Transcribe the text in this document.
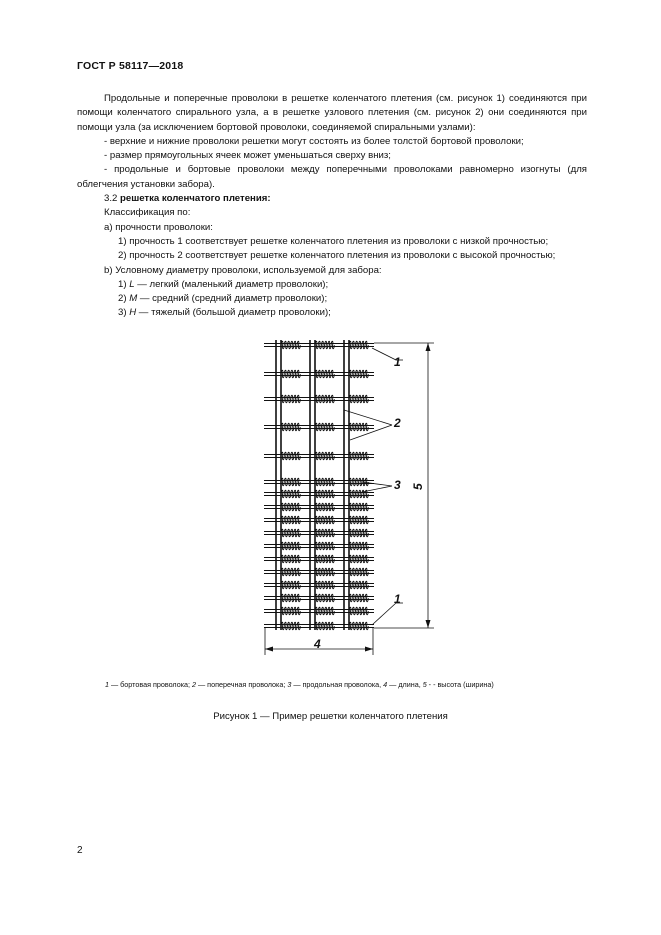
ГОСТ Р 58117—2018

Продольные и поперечные проволоки в решетке коленчатого плетения (см. рисунок 1) соединяются при помощи коленчатого спирального узла, а в решетке узлового плетения (см. рисунок 2) они соединяются при помощи узла (за исключением бортовой проволоки, соединяемой спиральными узлами):

- верхние и нижние проволоки решетки могут состоять из более толстой бортовой проволоки;

- размер прямоугольных ячеек может уменьшаться сверху вниз;

- продольные и бортовые проволоки между поперечными проволоками равномерно изогнуты (для облегчения установки забора).

3.2 решетка коленчатого плетения:

Классификация по:

а) прочности проволоки:

1) прочность 1 соответствует решетке коленчатого плетения из проволоки с низкой прочностью;

2) прочность 2 соответствует решетке коленчатого плетения из проволоки с высокой прочностью;

b) Условному диаметру проволоки, используемой для забора:

1) L — легкий (маленький диаметр проволоки);

2) M — средний (средний диаметр проволоки);

3) H — тяжелый (большой диаметр проволоки);

1
2
3
1
4
5
1 — бортовая проволока; 2 — поперечная проволока; 3 — продольная проволока, 4 — длина, 5 - - высота (ширина)
Рисунок 1 — Пример решетки коленчатого плетения
2
